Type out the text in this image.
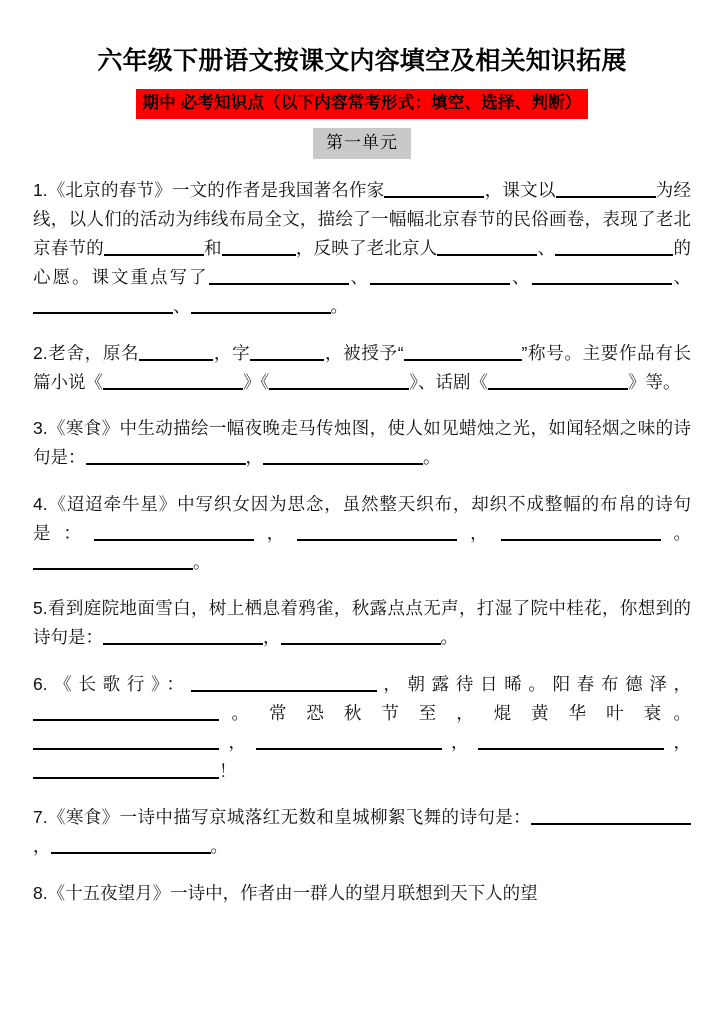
六年级下册语文按课文内容填空及相关知识拓展
期中 必考知识点（以下内容常考形式：填空、选择、判断）
第一单元

1.《北京的春节》一文的作者是我国著名作家	，课文以	为经线，以人们的活动为纬线布局全文，描绘了一幅幅北京春节的民俗画卷，表现了老北京春节的	和	，反映了老北京人	、	的心愿。课文重点写了	、	、	、、	。

2.老舍，原名	，字	，被授予“	”称号。主要作品有长篇小说《	》《	》、话剧《	》等。

3.《寒食》中生动描绘一幅夜晚走马传烛图，使人如见蜡烛之光，如闻轻烟之味的诗句是：	，	。

4.《迢迢牵牛星》中写织女因为思念，虽然整天织布，却织不成整幅的布帛的诗句是：	，	，	。。

5.看到庭院地面雪白，树上栖息着鸦雀，秋露点点无声，打湿了院中桂花，你想到的诗句是：	，	。

6.《长歌行》：	，朝露待日晞。阳春布德泽，。常恐秋节至，焜黄华叶衰。，	，	，！

7.《寒食》一诗中描写京城落红无数和皇城柳絮飞舞的诗句是：，	。

8.《十五夜望月》一诗中，作者由一群人的望月联想到天下人的望
